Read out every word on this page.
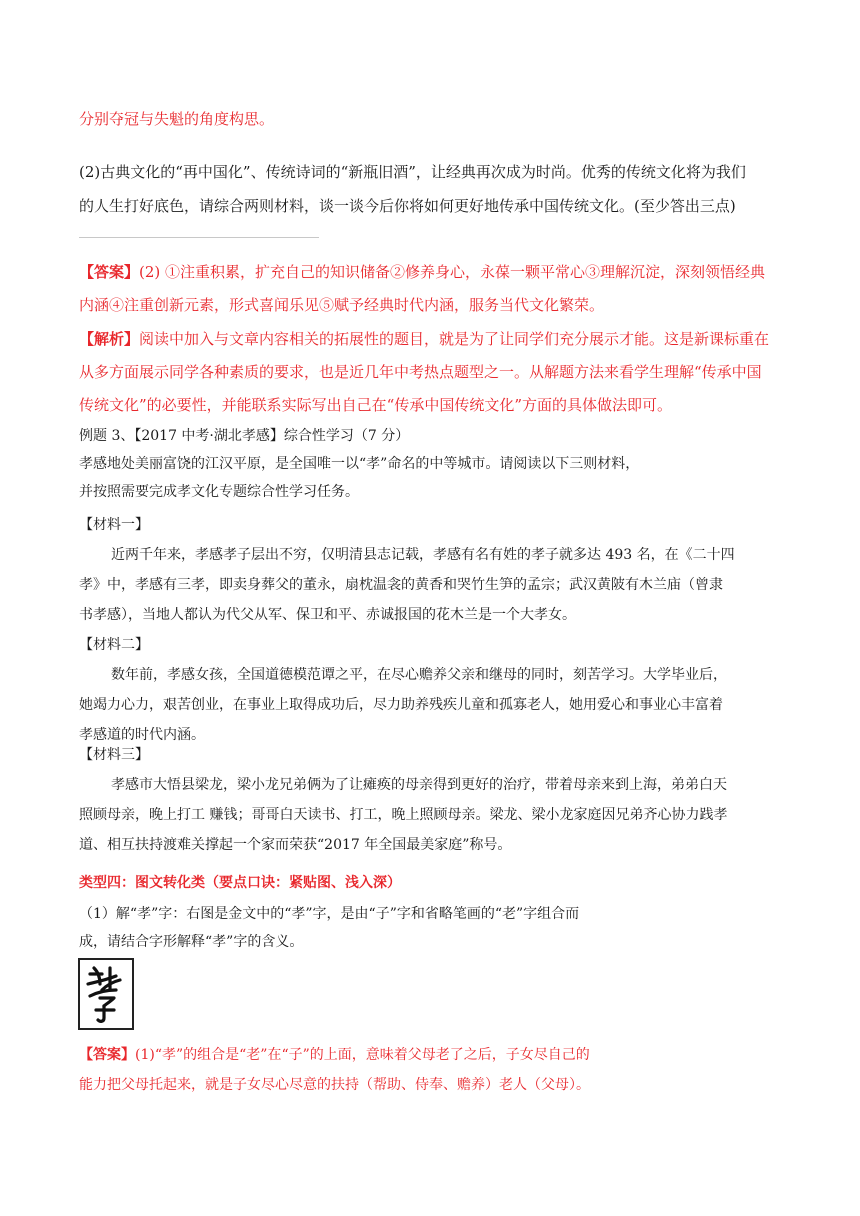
分别夺冠与失魁的角度构思。

(2)古典文化的“再中国化”、传统诗词的“新瓶旧酒”，让经典再次成为时尚。优秀的传统文化将为我们
的人生打好底色，请综合两则材料，谈一谈今后你将如何更好地传承中国传统文化。(至少答出三点)

【答案】(2) ①注重积累，扩充自己的知识储备②修养身心，永葆一颗平常心③理解沉淀，深刻领悟经典
内涵④注重创新元素，形式喜闻乐见⑤赋予经典时代内涵，服务当代文化繁荣。

【解析】阅读中加入与文章内容相关的拓展性的题目，就是为了让同学们充分展示才能。这是新课标重在
从多方面展示同学各种素质的要求，也是近几年中考热点题型之一。从解题方法来看学生理解“传承中国
传统文化”的必要性，并能联系实际写出自己在“传承中国传统文化”方面的具体做法即可。

例题 3、【2017 中考·湖北孝感】综合性学习（7 分）
孝感地处美丽富饶的江汉平原，是全国唯一以“孝”命名的中等城市。请阅读以下三则材料，
并按照需要完成孝文化专题综合性学习任务。

【材料一】
近两千年来，孝感孝子层出不穷，仅明清县志记载，孝感有名有姓的孝子就多达 493 名，在《二十四
孝》中，孝感有三孝，即卖身葬父的董永，扇枕温衾的黄香和哭竹生笋的孟宗；武汉黄陂有木兰庙（曾隶
书孝感），当地人都认为代父从军、保卫和平、赤诚报国的花木兰是一个大孝女。
【材料二】
数年前，孝感女孩，全国道德模范谭之平，在尽心赡养父亲和继母的同时，刻苦学习。大学毕业后，
她竭力心力，艰苦创业，在事业上取得成功后，尽力助养残疾儿童和孤寡老人，她用爱心和事业心丰富着
孝感道的时代内涵。
【材料三】
孝感市大悟县梁龙，梁小龙兄弟俩为了让瘫痪的母亲得到更好的治疗，带着母亲来到上海，弟弟白天
照顾母亲，晚上打工 赚钱；哥哥白天读书、打工，晚上照顾母亲。梁龙、梁小龙家庭因兄弟齐心协力践孝
道、相互扶持渡难关撑起一个家而荣获“2017 年全国最美家庭”称号。

类型四：图文转化类（要点口诀：紧贴图、浅入深）

（1）解“孝”字：右图是金文中的“孝”字，是由“子”字和省略笔画的“老”字组合而
成，请结合字形解释“孝”字的含义。

【答案】(1)“孝”的组合是“老”在“子”的上面，意味着父母老了之后，子女尽自己的
能力把父母托起来，就是子女尽心尽意的扶持（帮助、侍奉、赡养）老人（父母）。
